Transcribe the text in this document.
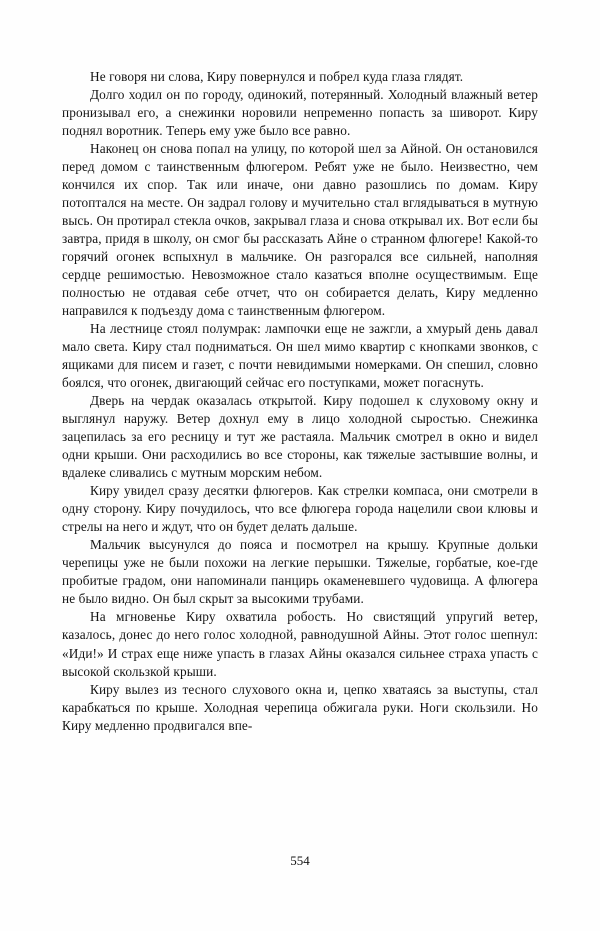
Не говоря ни слова, Киру повернулся и побрел куда глаза глядят.

Долго ходил он по городу, одинокий, потерянный. Холодный влажный ветер пронизывал его, а снежинки норовили непременно попасть за шиворот. Киру поднял воротник. Теперь ему уже было все равно.

Наконец он снова попал на улицу, по которой шел за Айной. Он остановился перед домом с таинственным флюгером. Ребят уже не было. Неизвестно, чем кончился их спор. Так или иначе, они давно разошлись по домам. Киру потоптался на месте. Он задрал голову и мучительно стал вглядываться в мутную высь. Он протирал стекла очков, закрывал глаза и снова открывал их. Вот если бы завтра, придя в школу, он смог бы рассказать Айне о странном флюгере! Какой-то горячий огонек вспыхнул в мальчике. Он разгорался все сильней, наполняя сердце решимостью. Невозможное стало казаться вполне осуществимым. Еще полностью не отдавая себе отчет, что он собирается делать, Киру медленно направился к подъезду дома с таинственным флюгером.

На лестнице стоял полумрак: лампочки еще не зажгли, а хмурый день давал мало света. Киру стал подниматься. Он шел мимо квартир с кнопками звонков, с ящиками для писем и газет, с почти невидимыми номерками. Он спешил, словно боялся, что огонек, двигающий сейчас его поступками, может погаснуть.

Дверь на чердак оказалась открытой. Киру подошел к слуховому окну и выглянул наружу. Ветер дохнул ему в лицо холодной сыростью. Снежинка зацепилась за его ресницу и тут же растаяла. Мальчик смотрел в окно и видел одни крыши. Они расходились во все стороны, как тяжелые застывшие волны, и вдалеке сливались с мутным морским небом.

Киру увидел сразу десятки флюгеров. Как стрелки компаса, они смотрели в одну сторону. Киру почудилось, что все флюгера города нацелили свои клювы и стрелы на него и ждут, что он будет делать дальше.

Мальчик высунулся до пояса и посмотрел на крышу. Крупные дольки черепицы уже не были похожи на легкие перышки. Тяжелые, горбатые, кое-где пробитые градом, они напоминали панцирь окаменевшего чудовища. А флюгера не было видно. Он был скрыт за высокими трубами.

На мгновенье Киру охватила робость. Но свистящий упругий ветер, казалось, донес до него голос холодной, равнодушной Айны. Этот голос шепнул: «Иди!» И страх еще ниже упасть в глазах Айны оказался сильнее страха упасть с высокой скользкой крыши.

Киру вылез из тесного слухового окна и, цепко хватаясь за выступы, стал карабкаться по крыше. Холодная черепица обжигала руки. Ноги скользили. Но Киру медленно продвигался впе-

554
